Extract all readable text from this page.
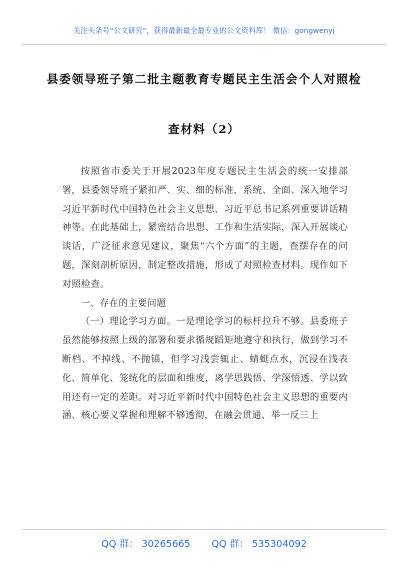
关注头条号“公文研究”，获得最新最全最专业的公文资料库！ 微信：gongwenyj
县委领导班子第二批主题教育专题民主生活会个人对照检
查材料（2）

按照省市委关于开展2023年度专题民主生活会的统一安排部署，县委领导班子紧扣严、实、细的标准，系统、全面、深入地学习习近平新时代中国特色社会主义思想、习近平总书记系列重要讲话精神等。在此基础上，紧密结合思想、工作和生活实际，深入开展谈心谈话，广泛征求意见建议，聚焦“六个方面”的主题，查摆存在的问题，深刻剖析原因，制定整改措施，形成了对照检查材料。现作如下对照检查。

一、存在的主要问题

（一）理论学习方面。一是理论学习的标杆拉升不够。县委班子虽然能够按照上级的部署和要求循规蹈矩地遵守和执行，做到学习不断档、不掉线、不抛锚，但学习浅尝辄止、蜻蜓点水，沉浸在浅表化、简单化、笼统化的层面和维度，离学思践悟、学深悟透、学以致用还有一定的差距。对习近平新时代中国特色社会主义思想的重要内涵、核心要义掌握和理解不够透彻，在融会贯通、举一反三上

QQ 群： 30265665 QQ 群： 535304092
